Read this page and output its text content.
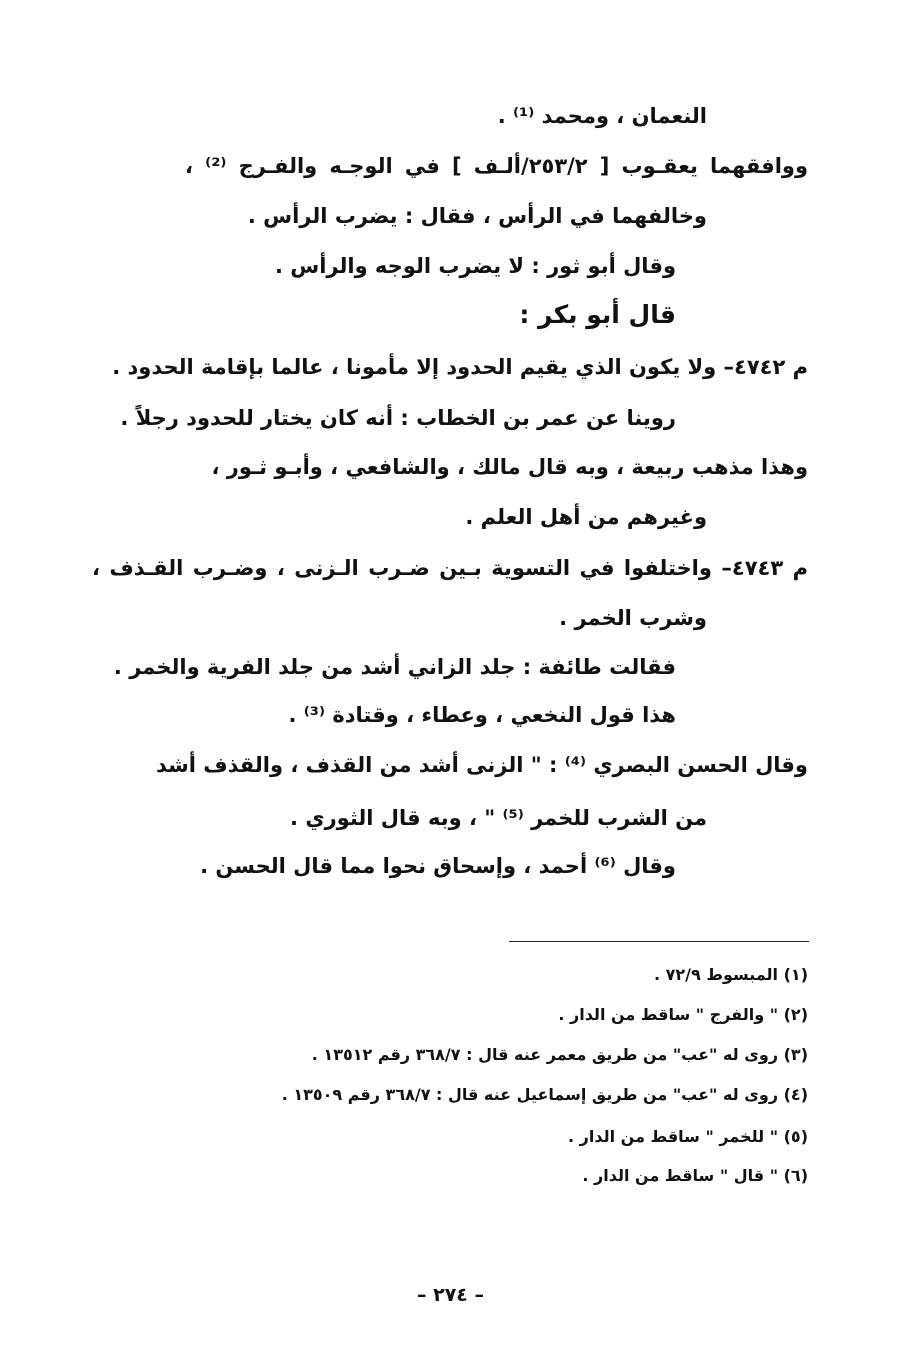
النعمان ، ومحمد ⁽¹⁾ .
ووافقهما يعقـوب [ ٢٥٣/٢/ألـف ] في الوجـه والفـرج ⁽²⁾ ،
وخالفهما في الرأس ، فقال : يضرب الرأس .
وقال أبو ثور : لا يضرب الوجه والرأس .
قال أبو بكر :
م ٤٧٤٢– ولا يكون الذي يقيم الحدود إلا مأمونا ، عالما بإقامة الحدود .
روينا عن عمر بن الخطاب : أنه كان يختار للحدود رجلاً .
وهذا مذهب ربيعة ، وبه قال مالك ، والشافعي ، وأبـو ثـور ،
وغيرهم من أهل العلم .
م ٤٧٤٣– واختلفوا في التسوية بـين ضـرب الـزنى ، وضـرب القـذف ،
وشرب الخمر .
فقالت طائفة : جلد الزاني أشد من جلد الفرية والخمر .
هذا قول النخعي ، وعطاء ، وقتادة ⁽³⁾ .
وقال الحسن البصري ⁽⁴⁾ : " الزنى أشد من القذف ، والقذف أشد
من الشرب للخمر ⁽⁵⁾ " ، وبه قال الثوري .
وقال ⁽⁶⁾ أحمد ، وإسحاق نحوا مما قال الحسن .
(١) المبسوط ٧٢/٩ .
(٢) " والفرج " ساقط من الدار .
(٣) روى له "عب" من طريق معمر عنه قال : ٣٦٨/٧ رقم ١٣٥١٢ .
(٤) روى له "عب" من طريق إسماعيل عنه قال : ٣٦٨/٧ رقم ١٣٥٠٩ .
(٥) " للخمر " ساقط من الدار .
(٦) " قال " ساقط من الدار .
– ٢٧٤ –
